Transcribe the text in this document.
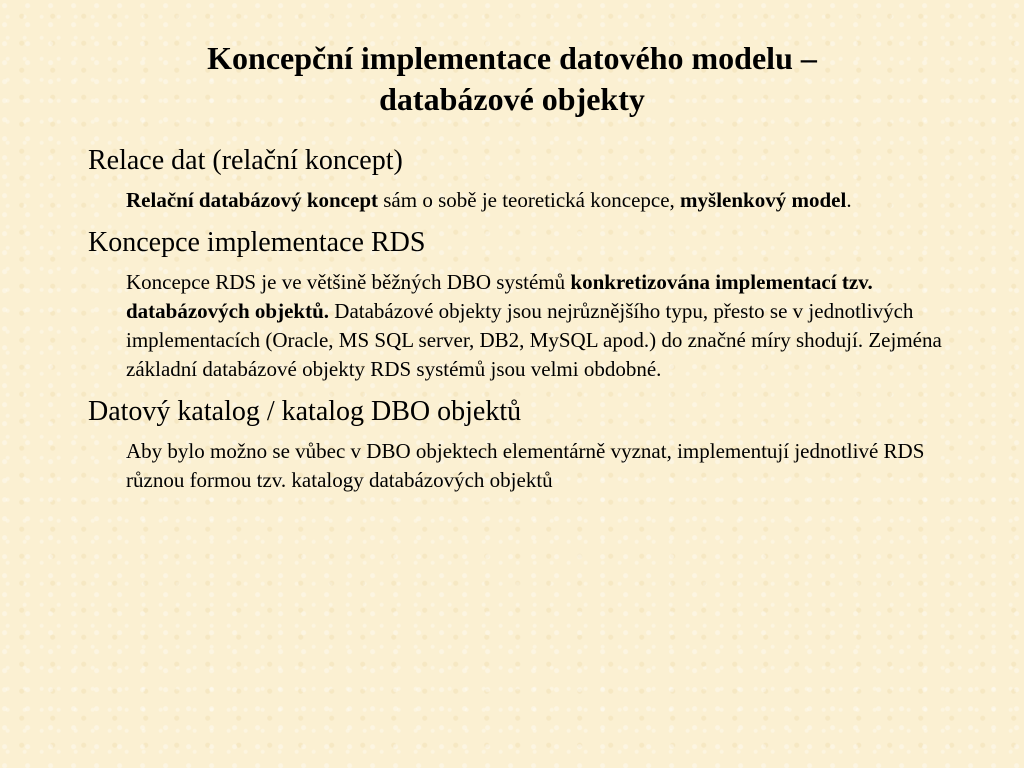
Koncepční implementace datového modelu –
databázové objekty
Relace dat (relační koncept)

Relační databázový koncept sám o sobě je teoretická koncepce, myšlenkový model.

Koncepce implementace RDS

Koncepce RDS je ve většině běžných DBO systémů konkretizována implementací tzv. databázových objektů. Databázové objekty jsou nejrůznějšího typu, přesto se v jednotlivých implementacích (Oracle, MS SQL server, DB2, MySQL apod.) do značné míry shodují. Zejména základní databázové objekty RDS systémů jsou velmi obdobné.

Datový katalog / katalog DBO objektů

Aby bylo možno se vůbec v DBO objektech elementárně vyznat, implementují jednotlivé RDS různou formou tzv. katalogy databázových objektů
